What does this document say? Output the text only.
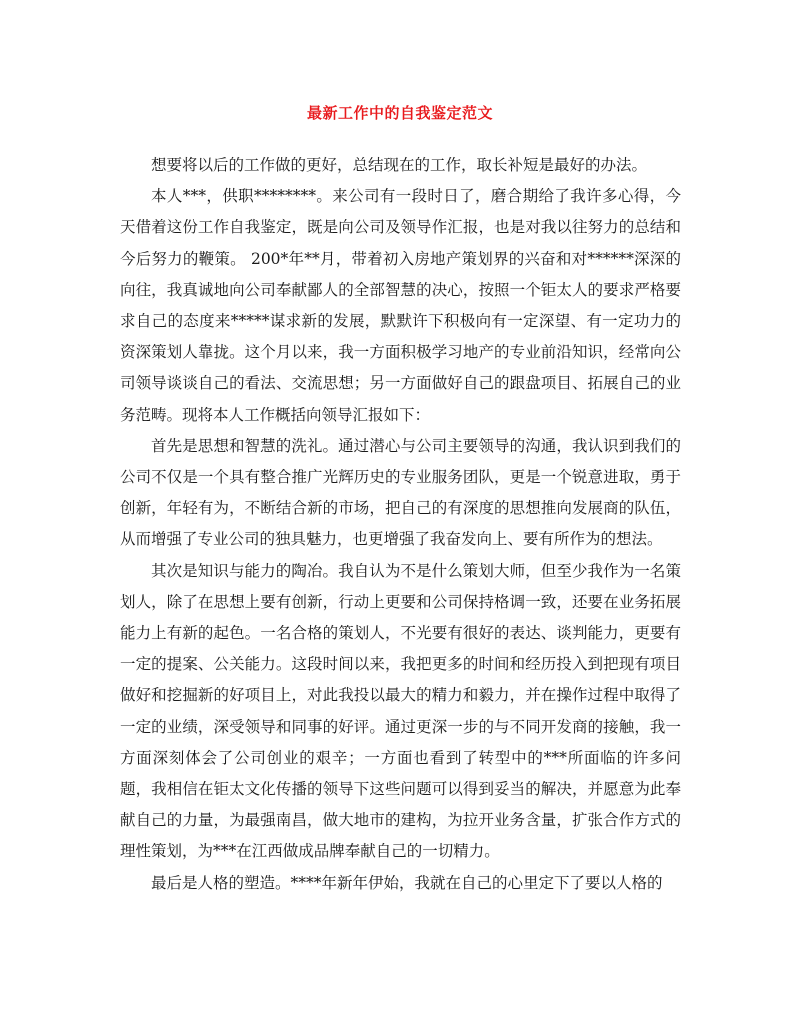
最新工作中的自我鉴定范文

想要将以后的工作做的更好，总结现在的工作，取长补短是最好的办法。

本人***，供职********。来公司有一段时日了，磨合期给了我许多心得，今天借着这份工作自我鉴定，既是向公司及领导作汇报，也是对我以往努力的总结和今后努力的鞭策。 200*年**月，带着初入房地产策划界的兴奋和对******深深的向往，我真诚地向公司奉献鄙人的全部智慧的决心，按照一个钜太人的要求严格要求自己的态度来*****谋求新的发展，默默许下积极向有一定深望、有一定功力的资深策划人靠拢。这个月以来，我一方面积极学习地产的专业前沿知识，经常向公司领导谈谈自己的看法、交流思想；另一方面做好自己的跟盘项目、拓展自己的业务范畴。现将本人工作概括向领导汇报如下：

首先是思想和智慧的洗礼。通过潜心与公司主要领导的沟通，我认识到我们的公司不仅是一个具有整合推广光辉历史的专业服务团队，更是一个锐意进取，勇于创新，年轻有为，不断结合新的市场，把自己的有深度的思想推向发展商的队伍，从而增强了专业公司的独具魅力，也更增强了我奋发向上、要有所作为的想法。

其次是知识与能力的陶冶。我自认为不是什么策划大师，但至少我作为一名策划人，除了在思想上要有创新，行动上更要和公司保持格调一致，还要在业务拓展能力上有新的起色。一名合格的策划人，不光要有很好的表达、谈判能力，更要有一定的提案、公关能力。这段时间以来，我把更多的时间和经历投入到把现有项目做好和挖掘新的好项目上，对此我投以最大的精力和毅力，并在操作过程中取得了一定的业绩，深受领导和同事的好评。通过更深一步的与不同开发商的接触，我一方面深刻体会了公司创业的艰辛；一方面也看到了转型中的***所面临的许多问题，我相信在钜太文化传播的领导下这些问题可以得到妥当的解决，并愿意为此奉献自己的力量，为最强南昌，做大地市的建构，为拉开业务含量，扩张合作方式的理性策划，为***在江西做成品牌奉献自己的一切精力。

最后是人格的塑造。****年新年伊始，我就在自己的心里定下了要以人格的
